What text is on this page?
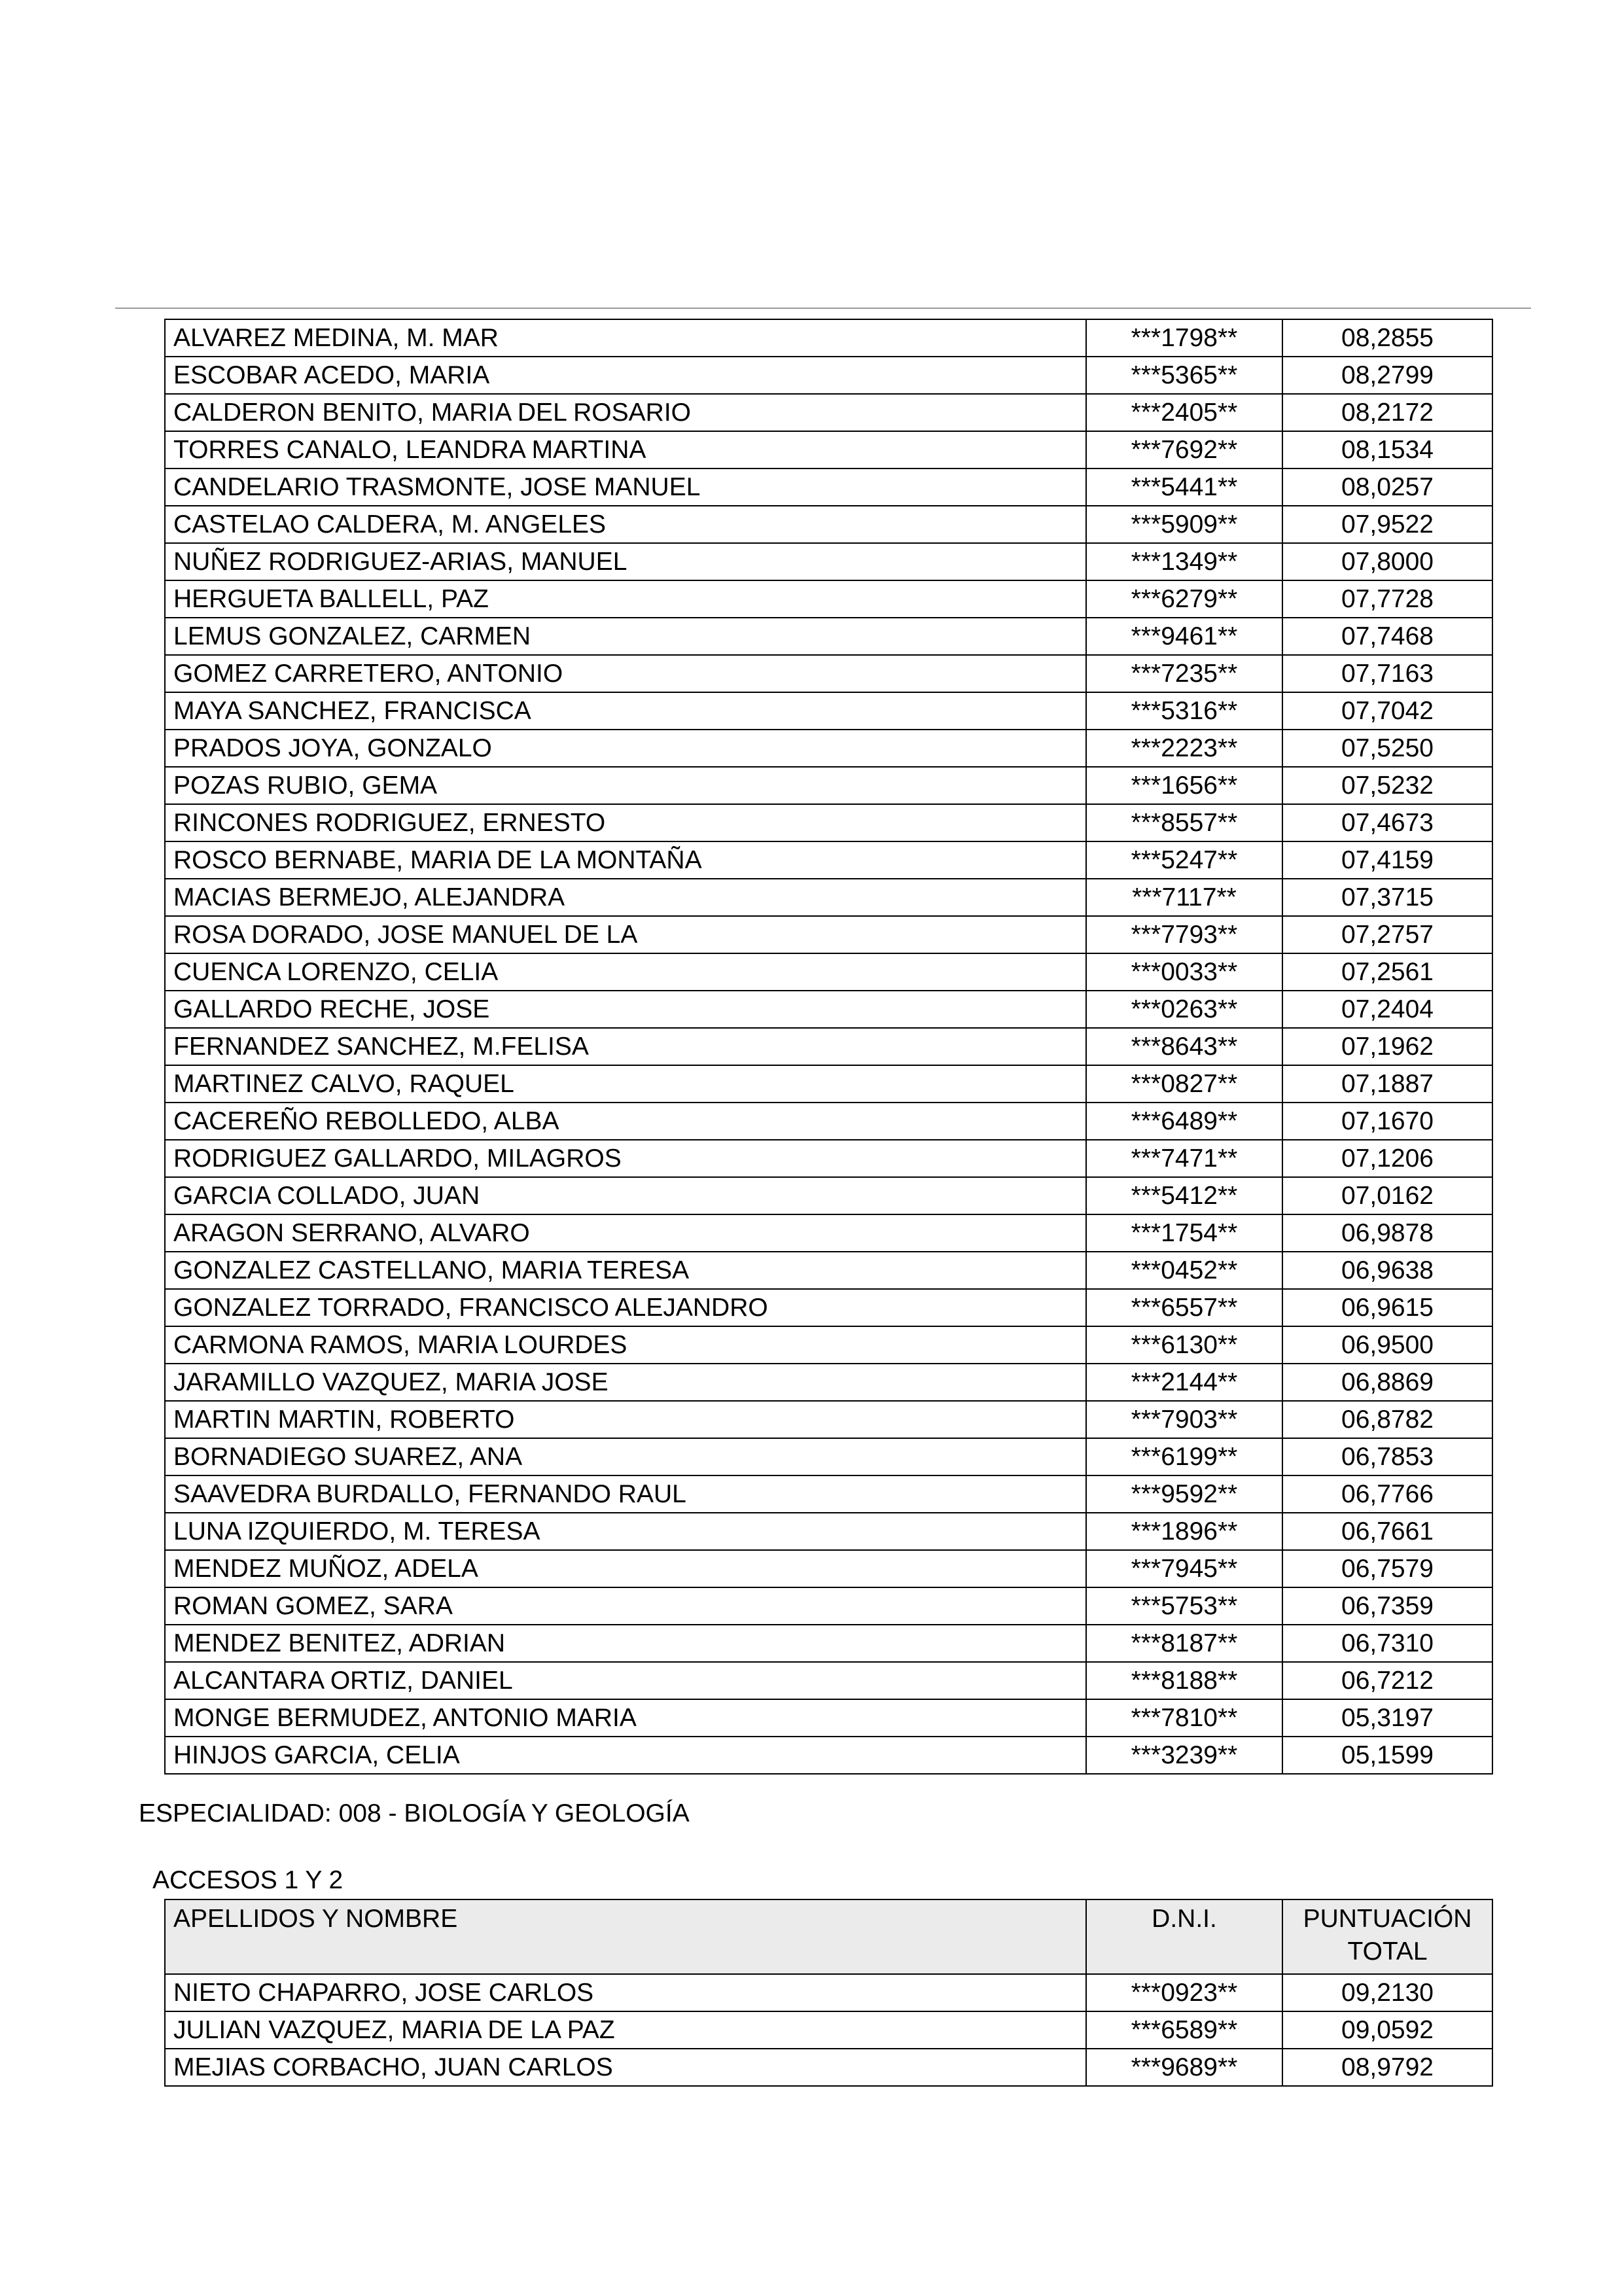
ALVAREZ MEDINA, M. MAR	***1798**	08,2855
ESCOBAR ACEDO, MARIA	***5365**	08,2799
CALDERON BENITO, MARIA DEL ROSARIO	***2405**	08,2172
TORRES CANALO, LEANDRA MARTINA	***7692**	08,1534
CANDELARIO TRASMONTE, JOSE MANUEL	***5441**	08,0257
CASTELAO CALDERA, M. ANGELES	***5909**	07,9522
NUÑEZ RODRIGUEZ-ARIAS, MANUEL	***1349**	07,8000
HERGUETA BALLELL, PAZ	***6279**	07,7728
LEMUS GONZALEZ, CARMEN	***9461**	07,7468
GOMEZ CARRETERO, ANTONIO	***7235**	07,7163
MAYA SANCHEZ, FRANCISCA	***5316**	07,7042
PRADOS JOYA, GONZALO	***2223**	07,5250
POZAS RUBIO, GEMA	***1656**	07,5232
RINCONES RODRIGUEZ, ERNESTO	***8557**	07,4673
ROSCO BERNABE, MARIA DE LA MONTAÑA	***5247**	07,4159
MACIAS BERMEJO, ALEJANDRA	***7117**	07,3715
ROSA DORADO, JOSE MANUEL DE LA	***7793**	07,2757
CUENCA LORENZO, CELIA	***0033**	07,2561
GALLARDO RECHE, JOSE	***0263**	07,2404
FERNANDEZ SANCHEZ, M.FELISA	***8643**	07,1962
MARTINEZ CALVO, RAQUEL	***0827**	07,1887
CACEREÑO REBOLLEDO, ALBA	***6489**	07,1670
RODRIGUEZ GALLARDO, MILAGROS	***7471**	07,1206
GARCIA COLLADO, JUAN	***5412**	07,0162
ARAGON SERRANO, ALVARO	***1754**	06,9878
GONZALEZ CASTELLANO, MARIA TERESA	***0452**	06,9638
GONZALEZ TORRADO, FRANCISCO ALEJANDRO	***6557**	06,9615
CARMONA RAMOS, MARIA LOURDES	***6130**	06,9500
JARAMILLO VAZQUEZ, MARIA JOSE	***2144**	06,8869
MARTIN MARTIN, ROBERTO	***7903**	06,8782
BORNADIEGO SUAREZ, ANA	***6199**	06,7853
SAAVEDRA BURDALLO, FERNANDO RAUL	***9592**	06,7766
LUNA IZQUIERDO, M. TERESA	***1896**	06,7661
MENDEZ MUÑOZ, ADELA	***7945**	06,7579
ROMAN GOMEZ, SARA	***5753**	06,7359
MENDEZ BENITEZ, ADRIAN	***8187**	06,7310
ALCANTARA ORTIZ, DANIEL	***8188**	06,7212
MONGE BERMUDEZ, ANTONIO MARIA	***7810**	05,3197
HINJOS GARCIA, CELIA	***3239**	05,1599
ESPECIALIDAD: 008 - BIOLOGÍA Y GEOLOGÍA
ACCESOS 1 Y 2
APELLIDOS Y NOMBRE	D.N.I.	PUNTUACIÓN TOTAL
NIETO CHAPARRO, JOSE CARLOS	***0923**	09,2130
JULIAN VAZQUEZ, MARIA DE LA PAZ	***6589**	09,0592
MEJIAS CORBACHO, JUAN CARLOS	***9689**	08,9792
